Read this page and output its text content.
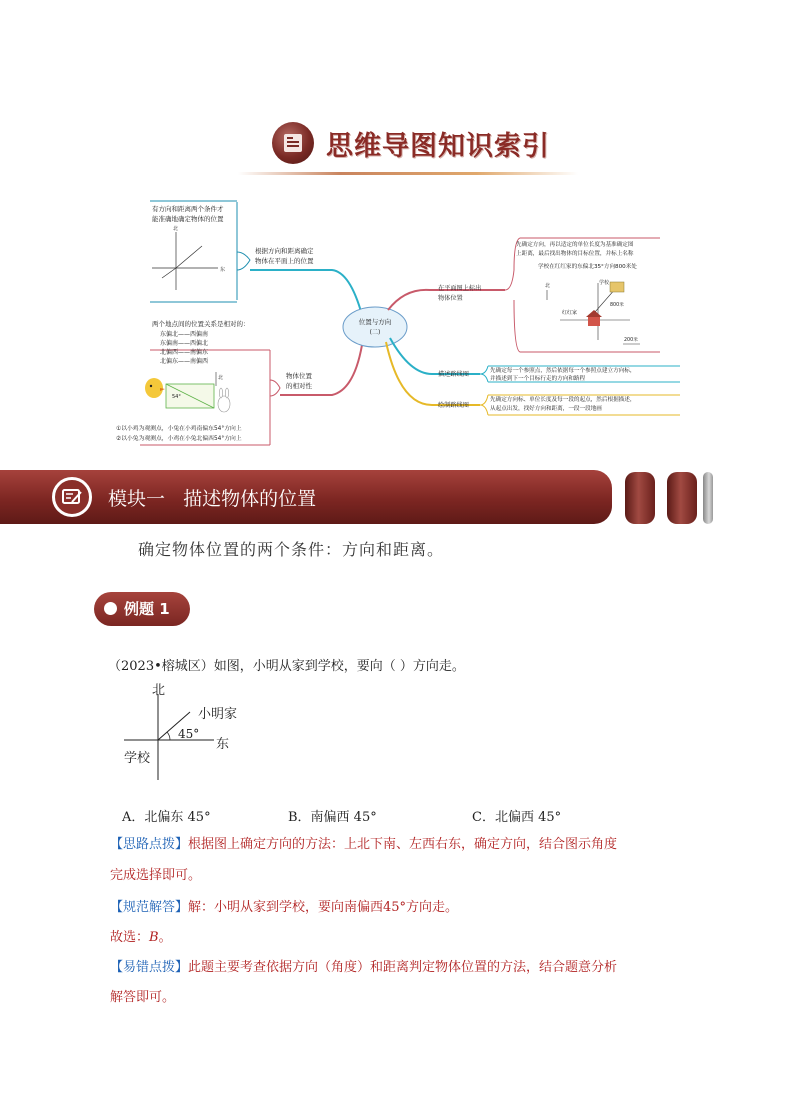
思维导图知识索引
有方向和距离两个条件才
能准确地确定物体的位置
北
东
根据方向和距离确定
物体在平面上的位置
两个地点间的位置关系是相对的：
东偏北——西偏南
东偏南——西偏北
北偏西——南偏东
北偏东——南偏西
54°
北
①以小鸡为观测点，小兔在小鸡南偏东54°方向上
②以小兔为观测点，小鸡在小兔北偏西54°方向上
物体位置
的相对性
位置与方向
(二)
在平面图上标出
物体位置
先确定方向，再以适定的单位长度为基准确定图
上距离，最后找出物体的目标位置，并标上名称
学校在红红家的东偏北35°方向800米处
北	学校
红红家
800米
200米
描述路线图	先确定每一个参照点，然后依据每一个参照点建立方向标，
并描述到下一个目标行走的方向和路程
绘制路线图
先确定方向标、单位长度及每一段的起点，然后根据描述，
从起点出发，找好方向和距离，一段一段地画
模块一   描述物体的位置
确定物体位置的两个条件：方向和距离。
例题 1
（2023•榕城区）如图，小明从家到学校，要向（ ）方向走。
北
东
小明家
学校
45°
A．北偏东 45°	B．南偏西 45°	C．北偏西 45°
【思路点拨】根据图上确定方向的方法：上北下南、左西右东，确定方向，结合图示角度
完成选择即可。
【规范解答】解：小明从家到学校，要向南偏西45°方向走。
故选：B。
【易错点拨】此题主要考查依据方向（角度）和距离判定物体位置的方法，结合题意分析
解答即可。
